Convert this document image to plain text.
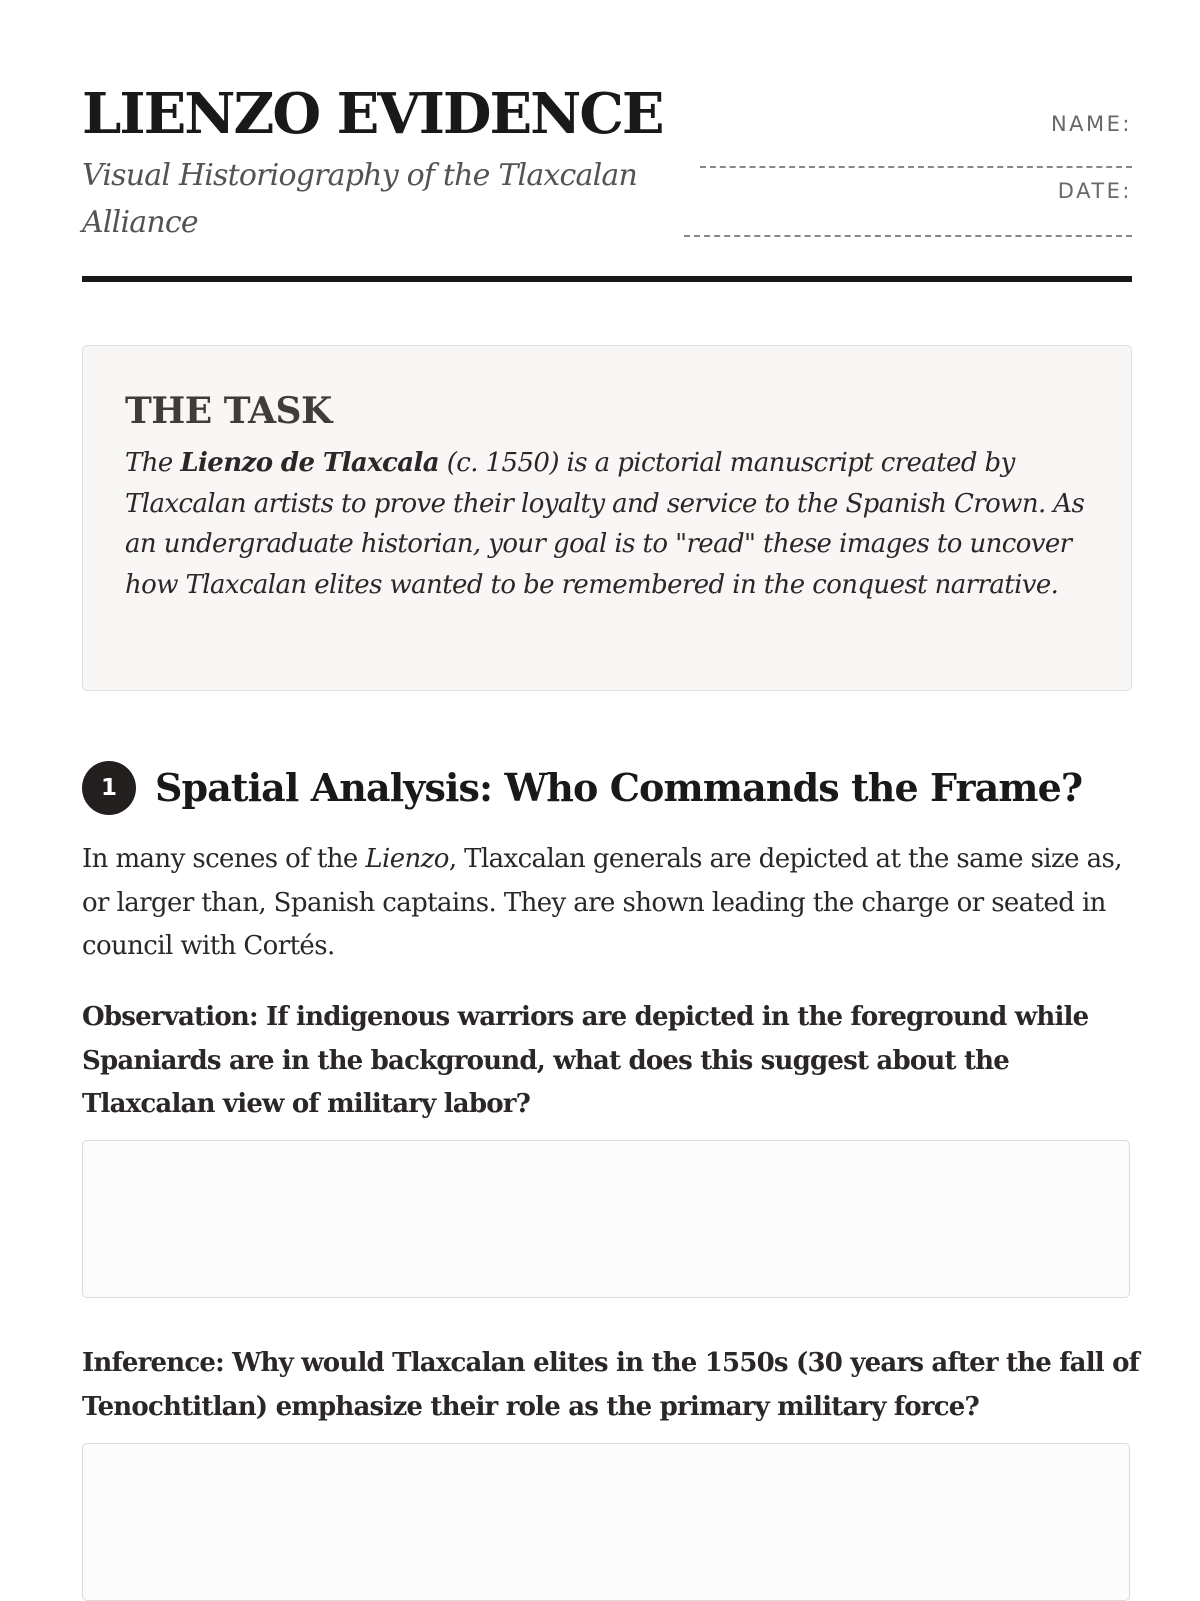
LIENZO EVIDENCE

Visual Historiography of the Tlaxcalan Alliance

NAME:
DATE:
THE TASK

The Lienzo de Tlaxcala (c. 1550) is a pictorial manuscript created by Tlaxcalan artists to prove their loyalty and service to the Spanish Crown. As an undergraduate historian, your goal is to "read" these images to uncover how Tlaxcalan elites wanted to be remembered in the conquest narrative.

1	Spatial Analysis: Who Commands the Frame?

In many scenes of the Lienzo, Tlaxcalan generals are depicted at the same size as, or larger than, Spanish captains. They are shown leading the charge or seated in council with Cortés.

Observation: If indigenous warriors are depicted in the foreground while Spaniards are in the background, what does this suggest about the Tlaxcalan view of military labor?

Inference: Why would Tlaxcalan elites in the 1550s (30 years after the fall of Tenochtitlan) emphasize their role as the primary military force?
